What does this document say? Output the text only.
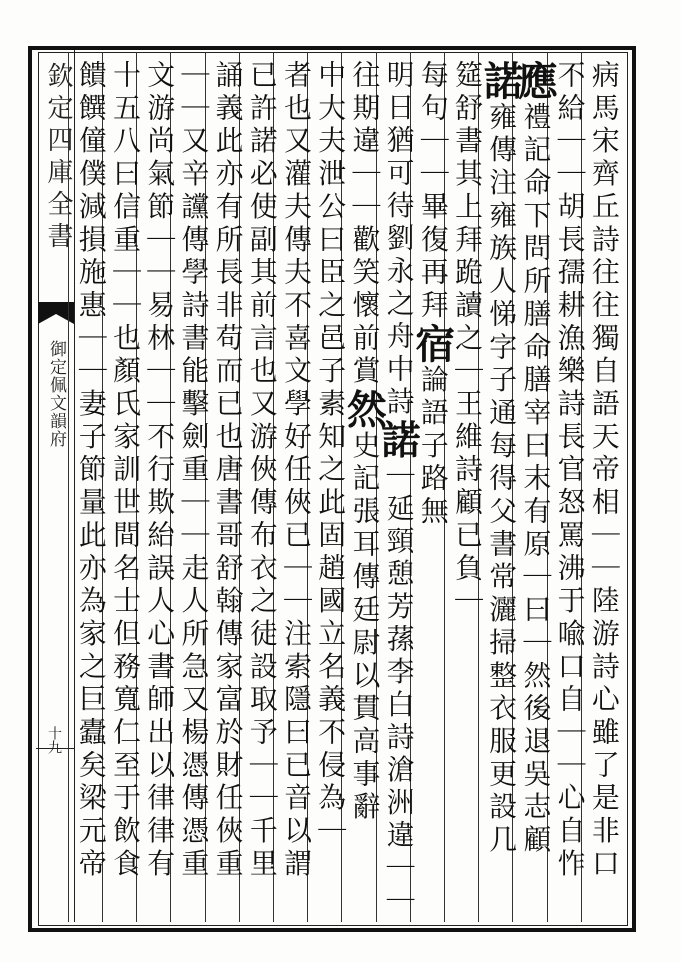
欽定四庫全書
御定佩文韻府
十九
病馬宋齊丘詩往往獨自語天帝相｜｜陸游詩心雖了是非口
不給｜｜胡長孺耕漁樂詩長官怒罵沸于喩口自｜｜心自怍
應禮記命下問所膳命膳宰曰末有原｜曰｜然後退吳志顧
諾雍傳注雍族人悌字子通每得父書常灑掃整衣服更設几
筵舒書其上拜跪讀之｜王維詩顧已負｜
每句｜｜畢復再拜宿論語子路無
明日猶可待劉永之舟中詩諾｜延頸憩芳蓀李白詩滄洲違｜｜
往期違｜｜歡笑懷前賞然史記張耳傳廷尉以貫高事辭
中大夫泄公曰臣之邑子素知之此固趙國立名義不侵為｜
者也又灌夫傳夫不喜文學好任俠已｜｜注索隱曰已音以謂
已許諾必使副其前言也又游俠傳布衣之徒設取予｜｜千里
誦義此亦有所長非苟而已也唐書哥舒翰傳家富於財任俠重
｜｜又辛讜傳學詩書能擊劍重｜｜走人所急又楊憑傳憑重
文游尚氣節｜｜易林｜｜不行欺紿誤人心書師出以律律有
十五八曰信重｜｜也顏氏家訓世間名士但務寬仁至于飲食
饋饌僮僕減損施惠｜｜妻子節量此亦為家之巨蠹矣梁元帝
